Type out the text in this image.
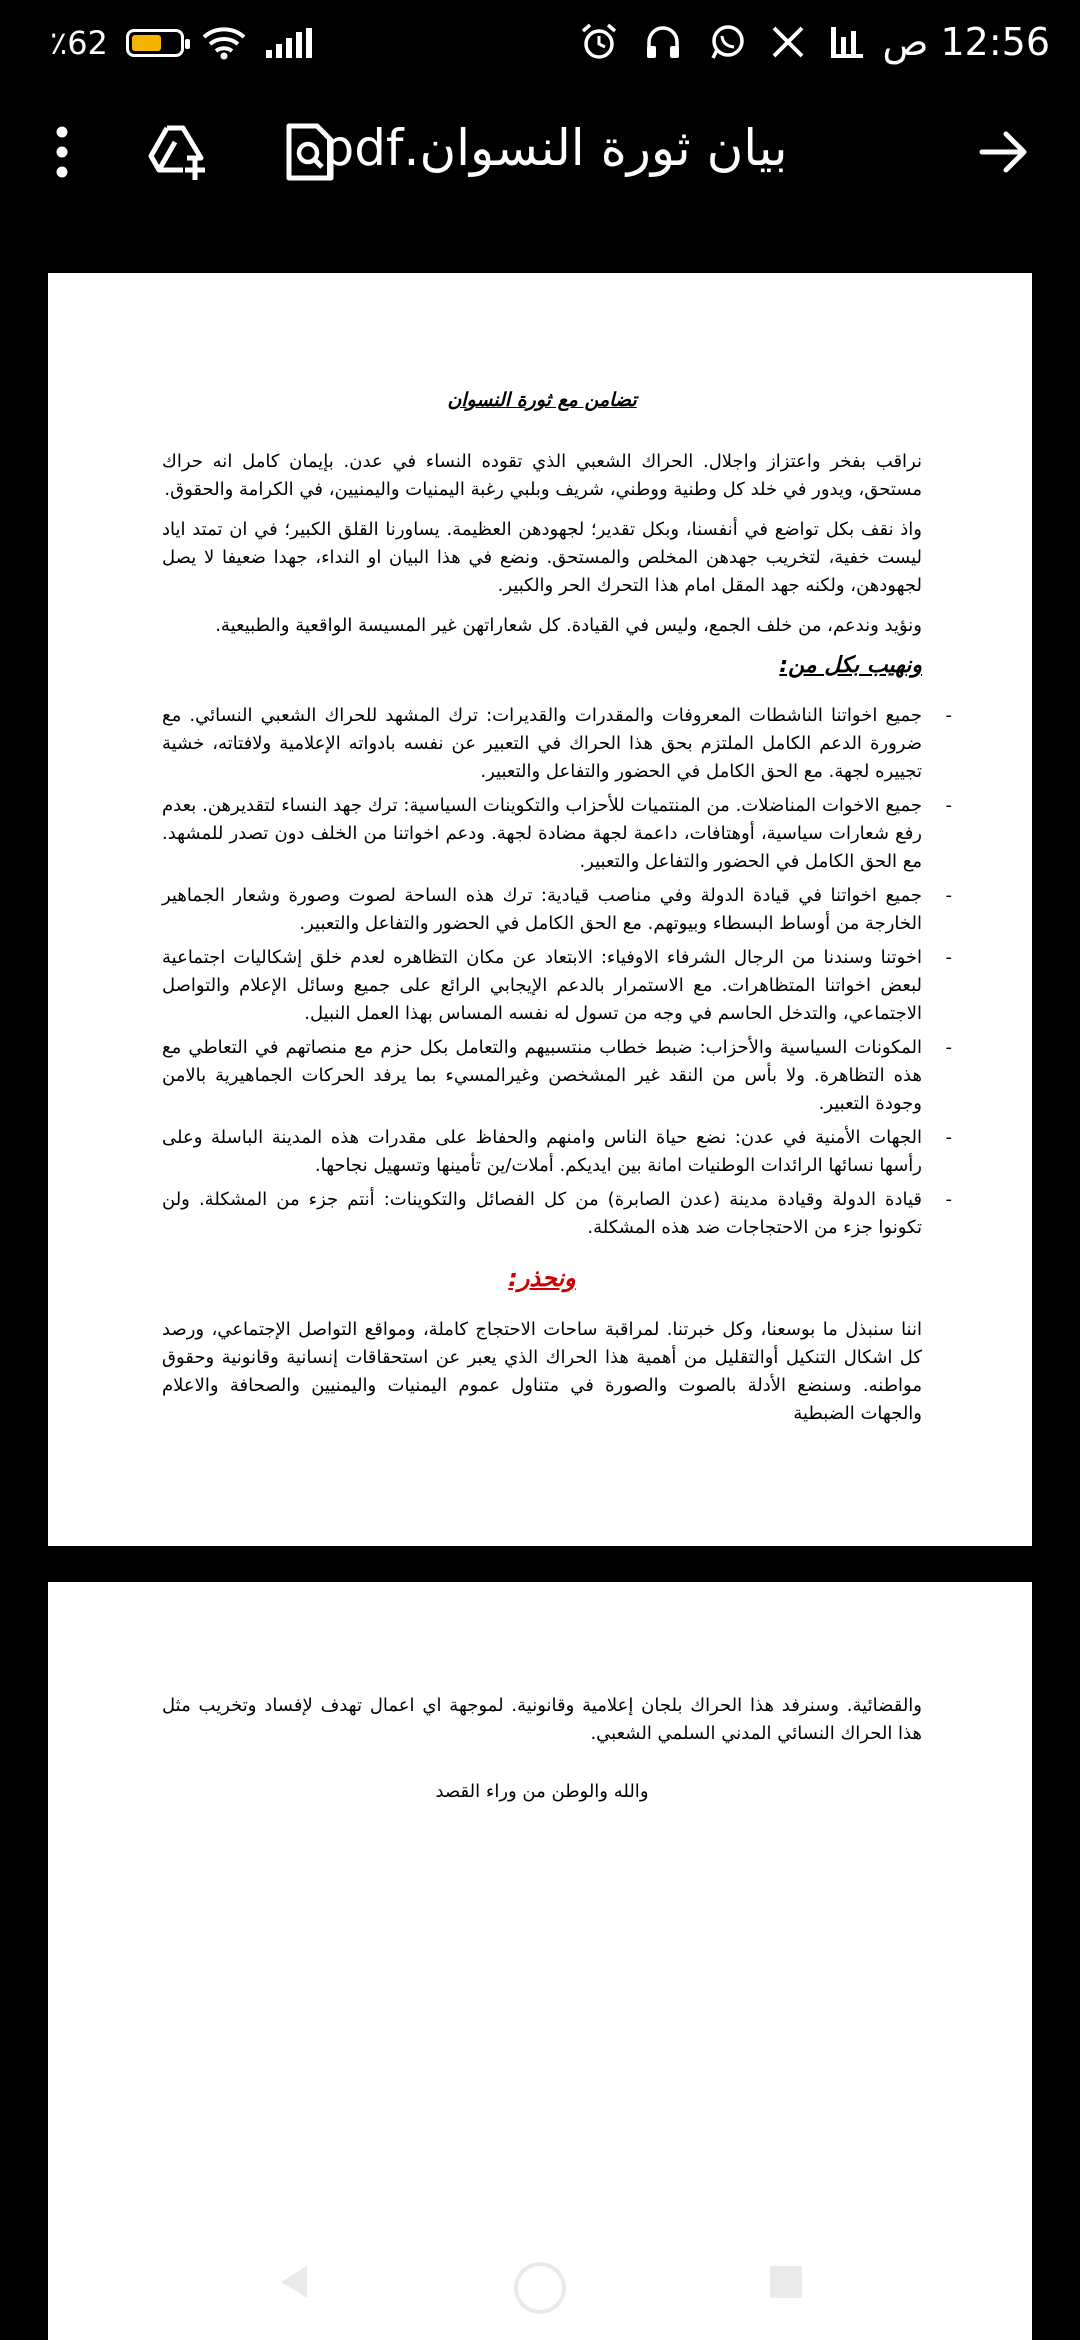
٪62	12:56 ص
بيان ثورة النسوان.pdf

تضامن مع ثورة النسوان

نراقب بفخر واعتزاز واجلال. الحراك الشعبي الذي تقوده النساء في عدن. بإيمان كامل انه حراك مستحق، ويدور في خلد كل وطنية ووطني، شريف وبلبي رغبة اليمنيات واليمنيين، في الكرامة والحقوق.

واذ نقف بكل تواضع في أنفسنا، وبكل تقدير؛ لجهودهن العظيمة. يساورنا القلق الكبير؛ في ان تمتد اياد ليست خفية، لتخريب جهدهن المخلص والمستحق. ونضع في هذا البيان او النداء، جهدا ضعيفا لا يصل لجهودهن، ولكنه جهد المقل امام هذا التحرك الحر والكبير.

ونؤيد وندعم، من خلف الجمع، وليس في القيادة. كل شعاراتهن غير المسيسة الواقعية والطبيعية.

ونهيب بكل من:

- جميع اخواتنا الناشطات المعروفات والمقدرات والقديرات: ترك المشهد للحراك الشعبي النسائي. مع ضرورة الدعم الكامل الملتزم بحق هذا الحراك في التعبير عن نفسه بادواته الإعلامية ولافتاته، خشية تجييره لجهة. مع الحق الكامل في الحضور والتفاعل والتعبير.
- جميع الاخوات المناضلات. من المنتميات للأحزاب والتكوينات السياسية: ترك جهد النساء لتقديرهن. بعدم رفع شعارات سياسية، أوهتافات، داعمة لجهة مضادة لجهة. ودعم اخواتنا من الخلف دون تصدر للمشهد. مع الحق الكامل في الحضور والتفاعل والتعبير.
- جميع اخواتنا في قيادة الدولة وفي مناصب قيادية: ترك هذه الساحة لصوت وصورة وشعار الجماهير الخارجة من أوساط البسطاء وبيوتهم. مع الحق الكامل في الحضور والتفاعل والتعبير.
- اخوتنا وسندنا من الرجال الشرفاء الاوفياء: الابتعاد عن مكان التظاهره لعدم خلق إشكاليات اجتماعية لبعض اخواتنا المتظاهرات. مع الاستمرار بالدعم الإيجابي الرائع على جميع وسائل الإعلام والتواصل الاجتماعي، والتدخل الحاسم في وجه من تسول له نفسه المساس بهذا العمل النبيل.
- المكونات السياسية والأحزاب: ضبط خطاب منتسبيهم والتعامل بكل حزم مع منصاتهم في التعاطي مع هذه التظاهرة. ولا بأس من النقد غير المشخصن وغيرالمسيء بما يرفد الحركات الجماهيرية بالامن وجودة التعبير.
- الجهات الأمنية في عدن: نضع حياة الناس وامنهم والحفاظ على مقدرات هذه المدينة الباسلة وعلى رأسها نسائها الرائدات الوطنيات امانة بين ايديكم. أملات/ين تأمينها وتسهيل نجاحها.
- قيادة الدولة وقيادة مدينة (عدن الصابرة) من كل الفصائل والتكوينات: أنتم جزء من المشكلة. ولن تكونوا جزء من الاحتجاجات ضد هذه المشكلة.

ونحذر:

اننا سنبذل ما بوسعنا، وكل خبرتنا. لمراقبة ساحات الاحتجاج كاملة، ومواقع التواصل الإجتماعي، ورصد كل اشكال التنكيل أوالتقليل من أهمية هذا الحراك الذي يعبر عن استحقاقات إنسانية وقانونية وحقوق مواطنه. وسنضع الأدلة بالصوت والصورة في متناول عموم اليمنيات واليمنيين والصحافة والاعلام والجهات الضبطية

والقضائية. وسنرفد هذا الحراك بلجان إعلامية وقانونية. لموجهة اي اعمال تهدف لإفساد وتخريب مثل هذا الحراك النسائي المدني السلمي الشعبي.

والله والوطن من وراء القصد
